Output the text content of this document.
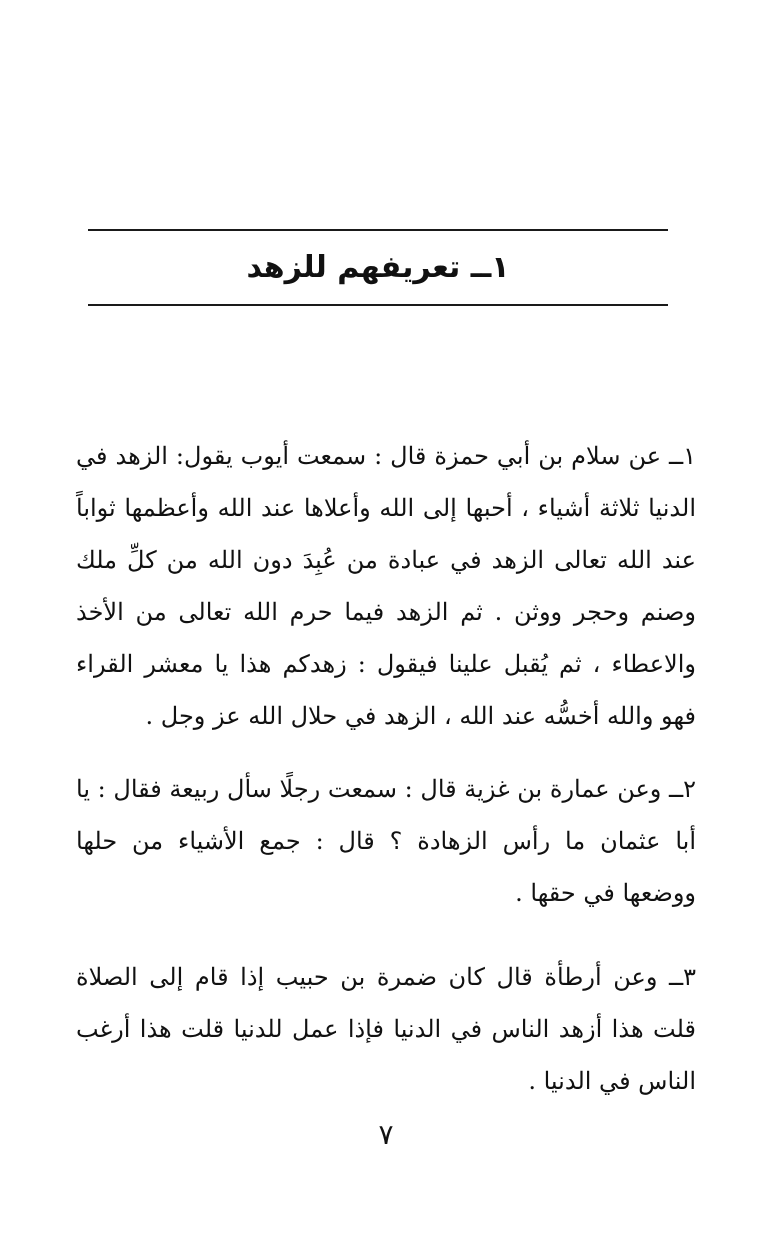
١ــ تعريفهم للزهد

١ــ عن سلام بن أبي حمزة قال : سمعت أيوب يقول: الزهد في الدنيا ثلاثة أشياء ، أحبها إلى الله وأعلاها عند الله وأعظمها ثواباً عند الله تعالى الزهد في عبادة من عُبِدَ دون الله من كلِّ ملك وصنم وحجر ووثن . ثم الزهد فيما حرم الله تعالى من الأخذ والاعطاء ، ثم يُقبل علينا فيقول : زهدكم هذا يا معشر القراء فهو والله أخسُّه عند الله ، الزهد في حلال الله عز وجل .

٢ــ وعن عمارة بن غزية قال : سمعت رجلًا سأل ربيعة فقال : يا أبا عثمان ما رأس الزهادة ؟ قال : جمع الأشياء من حلها ووضعها في حقها .

٣ــ وعن أرطأة قال كان ضمرة بن حبيب إذا قام إلى الصلاة قلت هذا أزهد الناس في الدنيا فإذا عمل للدنيا قلت هذا أرغب الناس في الدنيا .

٧
